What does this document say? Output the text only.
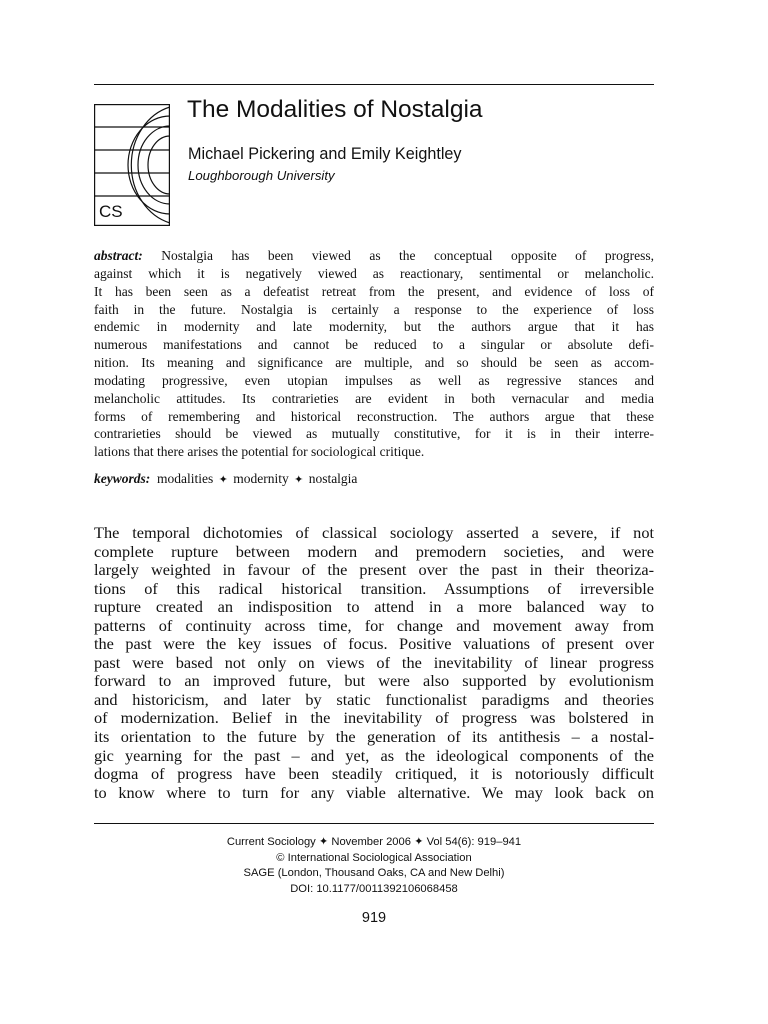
CS
The Modalities of Nostalgia
Michael Pickering and Emily Keightley
Loughborough University
abstract: Nostalgia has been viewed as the conceptual opposite of progress,
against which it is negatively viewed as reactionary, sentimental or melancholic.
It has been seen as a defeatist retreat from the present, and evidence of loss of
faith in the future. Nostalgia is certainly a response to the experience of loss
endemic in modernity and late modernity, but the authors argue that it has
numerous manifestations and cannot be reduced to a singular or absolute defi-
nition. Its meaning and significance are multiple, and so should be seen as accom-
modating progressive, even utopian impulses as well as regressive stances and
melancholic attitudes. Its contrarieties are evident in both vernacular and media
forms of remembering and historical reconstruction. The authors argue that these
contrarieties should be viewed as mutually constitutive, for it is in their interre-
lations that there arises the potential for sociological critique.
keywords: modalities ✦ modernity ✦ nostalgia
The temporal dichotomies of classical sociology asserted a severe, if not
complete rupture between modern and premodern societies, and were
largely weighted in favour of the present over the past in their theoriza-
tions of this radical historical transition. Assumptions of irreversible
rupture created an indisposition to attend in a more balanced way to
patterns of continuity across time, for change and movement away from
the past were the key issues of focus. Positive valuations of present over
past were based not only on views of the inevitability of linear progress
forward to an improved future, but were also supported by evolutionism
and historicism, and later by static functionalist paradigms and theories
of modernization. Belief in the inevitability of progress was bolstered in
its orientation to the future by the generation of its antithesis – a nostal-
gic yearning for the past – and yet, as the ideological components of the
dogma of progress have been steadily critiqued, it is notoriously difficult
to know where to turn for any viable alternative. We may look back on
Current Sociology ✦ November 2006 ✦ Vol 54(6): 919–941
© International Sociological Association
SAGE (London, Thousand Oaks, CA and New Delhi)
DOI: 10.1177/0011392106068458
919
